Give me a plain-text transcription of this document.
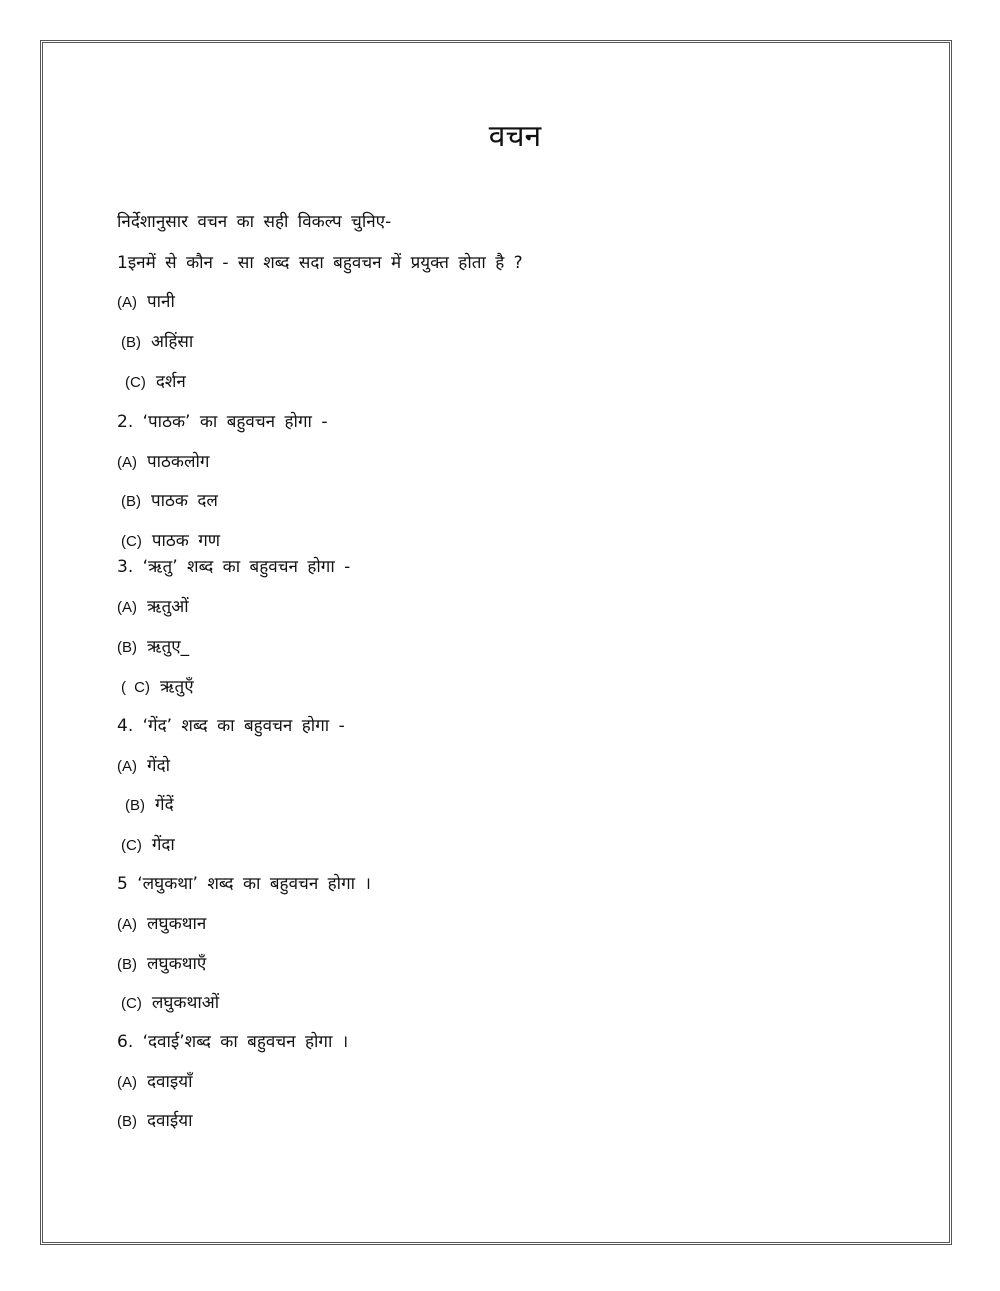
वचन
निर्देशानुसार वचन का सही विकल्प चुनिए-
1इनमें से कौन - सा शब्द सदा बहुवचन में प्रयुक्त होता है ?
(A) पानी
(B) अहिंसा
(C) दर्शन
2. ‘पाठक’ का बहुवचन होगा -
(A) पाठकलोग
(B) पाठक दल
(C) पाठक गण
3. ‘ऋतु’ शब्द का बहुवचन होगा -
(A) ऋतुओं
(B) ऋतुए_
( C) ऋतुएँ
4. ‘गेंद’ शब्द का बहुवचन होगा -
(A) गेंदो
(B) गेंदें
(C) गेंदा
5 ‘लघुकथा’ शब्द का बहुवचन होगा ।
(A) लघुकथान
(B) लघुकथाएँ
(C) लघुकथाओं
6. ‘दवाई’शब्द का बहुवचन होगा ।
(A) दवाइयाँ
(B) दवाईया
